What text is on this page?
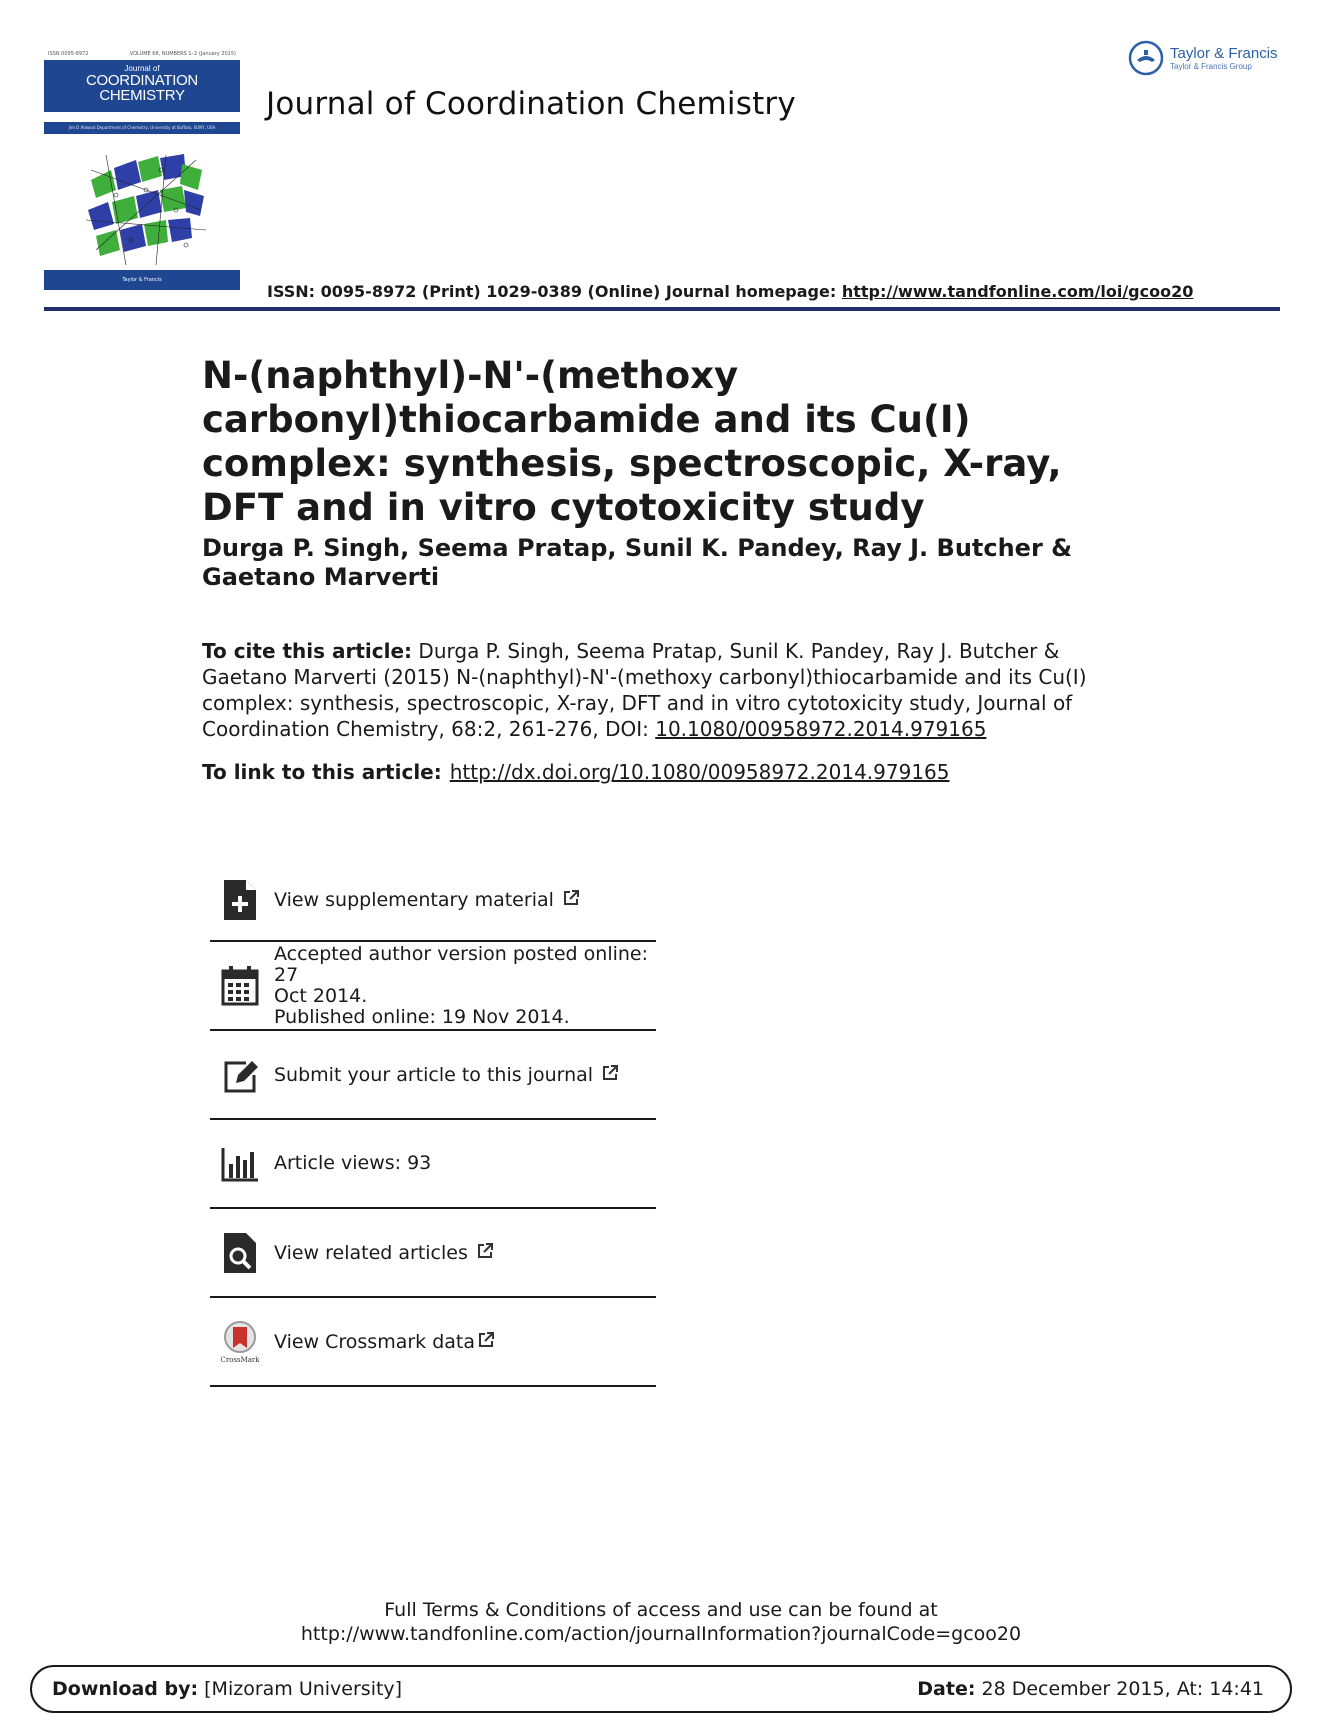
ISSN 0095-8972	VOLUME 68, NUMBERS 1–2 (January 2015)
Journal of
COORDINATION
CHEMISTRY
Jim D Atwood Department of Chemistry, University at Buffalo, SUNY, USA
Taylor & Francis
Journal of Coordination Chemistry
Taylor & Francis
Taylor & Francis Group
ISSN: 0095-8972 (Print) 1029-0389 (Online) Journal homepage: http://www.tandfonline.com/loi/gcoo20
N-(naphthyl)-N'-(methoxy carbonyl)thiocarbamide and its Cu(I) complex: synthesis, spectroscopic, X-ray, DFT and in vitro cytotoxicity study
Durga P. Singh, Seema Pratap, Sunil K. Pandey, Ray J. Butcher & Gaetano Marverti
To cite this article: Durga P. Singh, Seema Pratap, Sunil K. Pandey, Ray J. Butcher & Gaetano Marverti (2015) N-(naphthyl)-N'-(methoxy carbonyl)thiocarbamide and its Cu(I) complex: synthesis, spectroscopic, X-ray, DFT and in vitro cytotoxicity study, Journal of Coordination Chemistry, 68:2, 261-276, DOI: 10.1080/00958972.2014.979165
To link to this article: http://dx.doi.org/10.1080/00958972.2014.979165
View supplementary material
Accepted author version posted online: 27
Oct 2014.
Published online: 19 Nov 2014.
Submit your article to this journal
Article views: 93
View related articles
CrossMark
View Crossmark data
Full Terms & Conditions of access and use can be found at
http://www.tandfonline.com/action/journalInformation?journalCode=gcoo20
Download by: [Mizoram University]	Date: 28 December 2015, At: 14:41
